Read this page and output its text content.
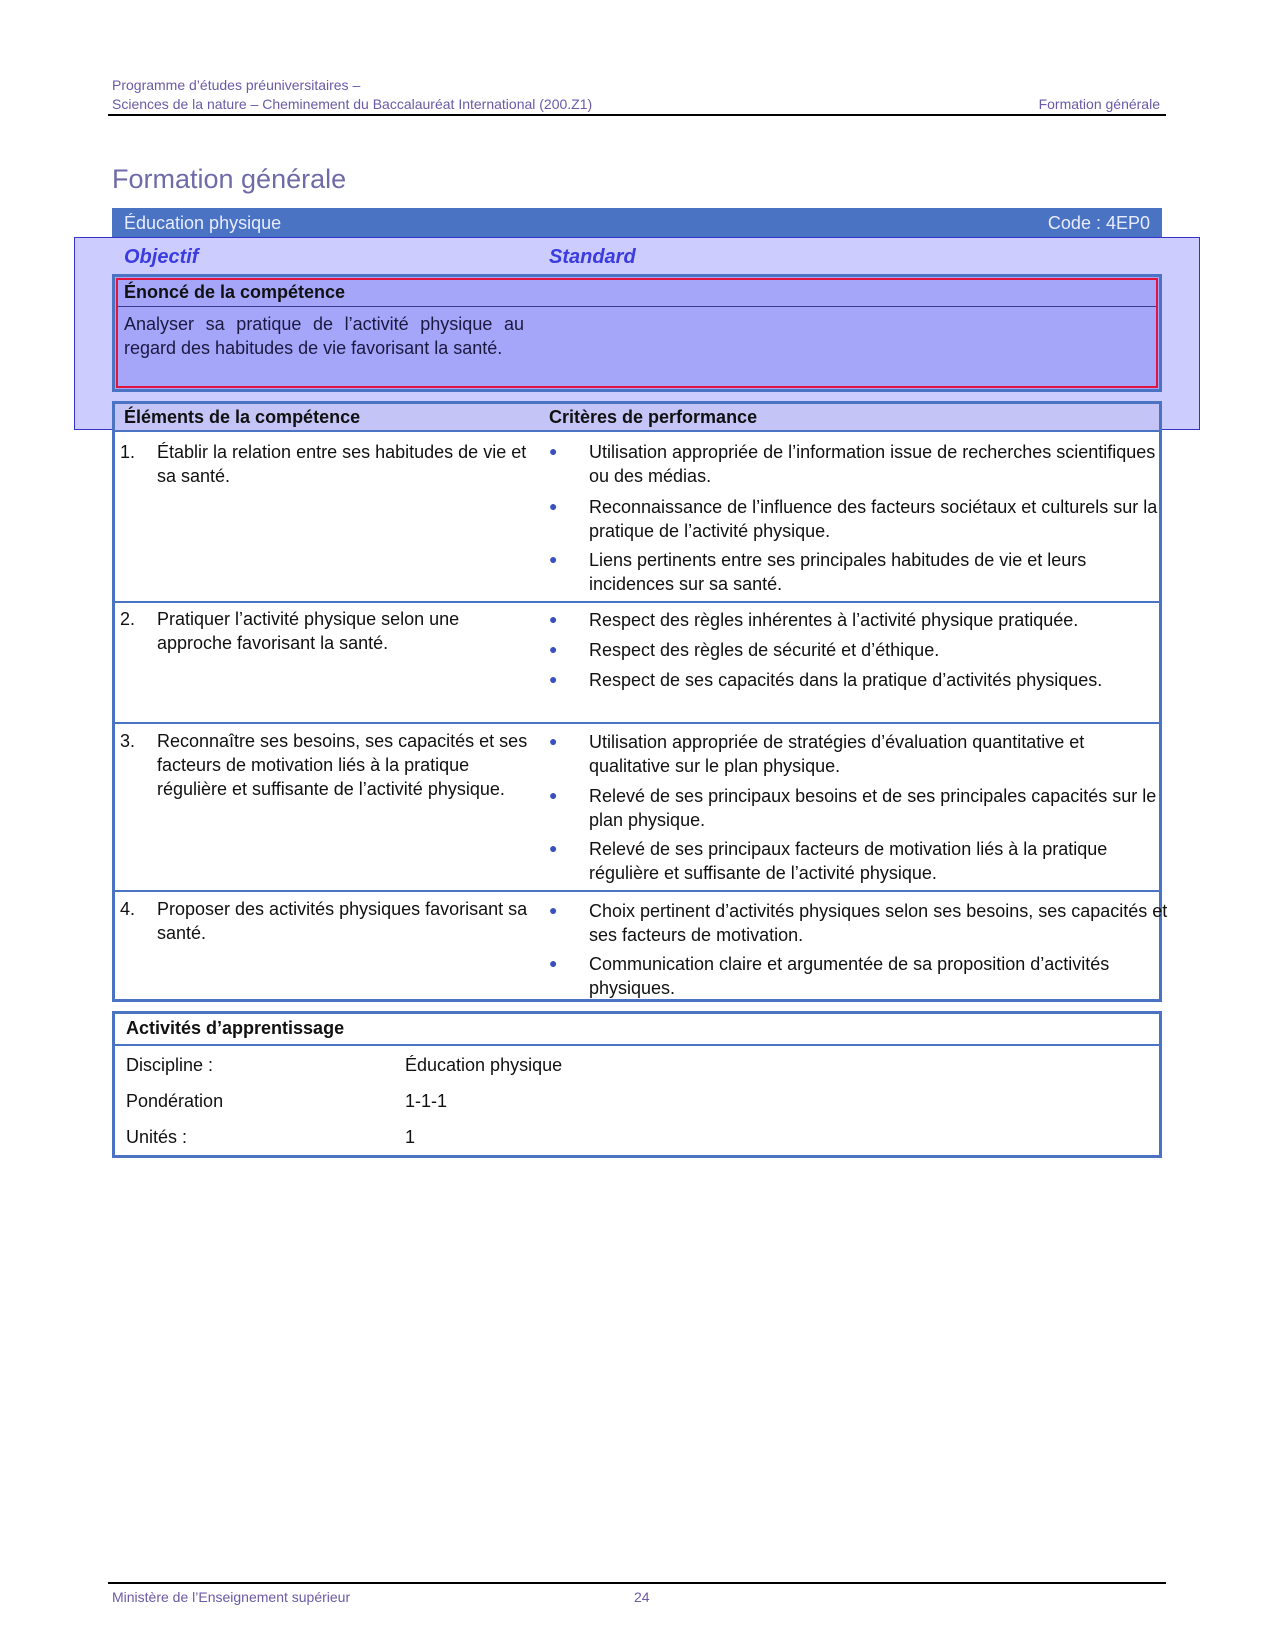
Programme d’études préuniversitaires –
Sciences de la nature – Cheminement du Baccalauréat International (200.Z1)	Formation générale
Formation générale
Éducation physique	Code : 4EP0
Objectif	Standard
Énoncé de la compétence
Analyser sa pratique de l’activité physique au regard des habitudes de vie favorisant la santé.
Éléments de la compétence	Critères de performance
1. Établir la relation entre ses habitudes de vie et sa santé.
● Utilisation appropriée de l’information issue de recherches scientifiques ou des médias.
● Reconnaissance de l’influence des facteurs sociétaux et culturels sur la pratique de l’activité physique.
● Liens pertinents entre ses principales habitudes de vie et leurs incidences sur sa santé.
2. Pratiquer l’activité physique selon une approche favorisant la santé.
● Respect des règles inhérentes à l’activité physique pratiquée.
● Respect des règles de sécurité et d’éthique.
● Respect de ses capacités dans la pratique d’activités physiques.
3. Reconnaître ses besoins, ses capacités et ses facteurs de motivation liés à la pratique régulière et suffisante de l’activité physique.
● Utilisation appropriée de stratégies d’évaluation quantitative et qualitative sur le plan physique.
● Relevé de ses principaux besoins et de ses principales capacités sur le plan physique.
● Relevé de ses principaux facteurs de motivation liés à la pratique régulière et suffisante de l’activité physique.
4. Proposer des activités physiques favorisant sa santé.
● Choix pertinent d’activités physiques selon ses besoins, ses capacités et ses facteurs de motivation.
● Communication claire et argumentée de sa proposition d’activités physiques.
Activités d’apprentissage
Discipline :	Éducation physique
Pondération	1-1-1
Unités :	1
Ministère de l’Enseignement supérieur	24
